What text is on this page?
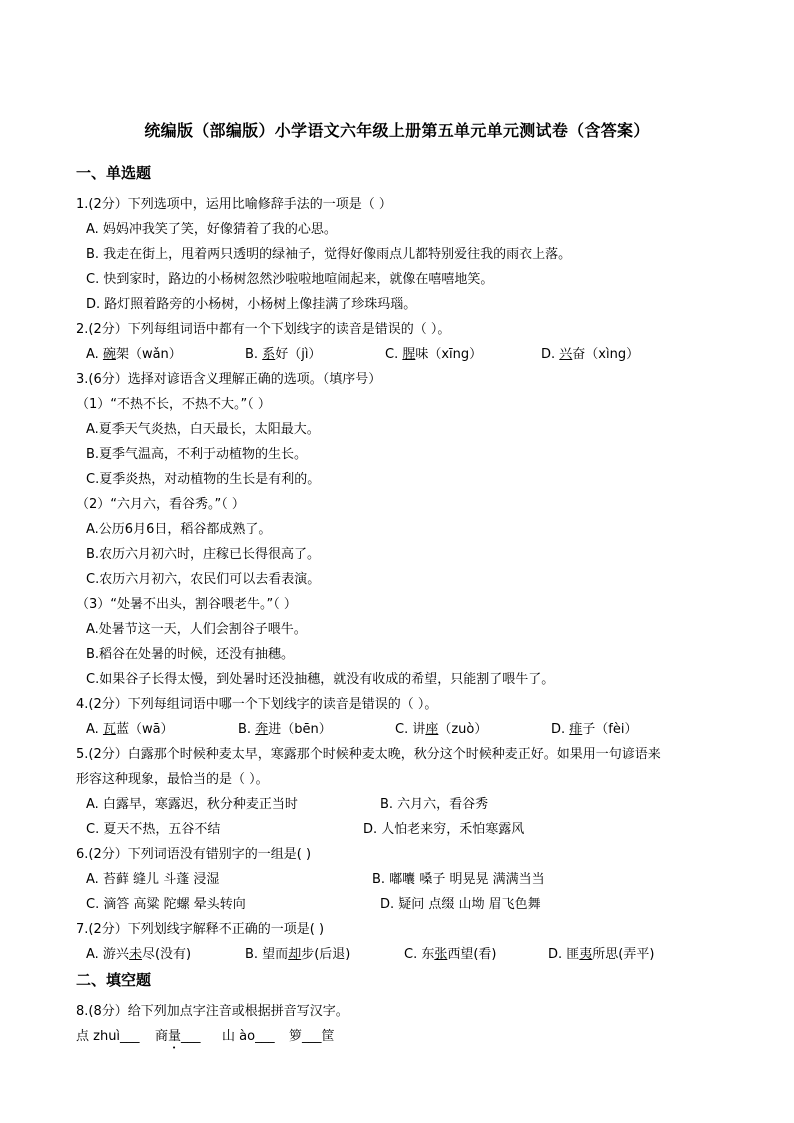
统编版（部编版）小学语文六年级上册第五单元单元测试卷（含答案）
一、单选题
1.(2分）下列选项中，运用比喻修辞手法的一项是（ ）
A. 妈妈冲我笑了笑，好像猜着了我的心思。
B. 我走在街上，甩着两只透明的绿袖子，觉得好像雨点儿都特别爱往我的雨衣上落。
C. 快到家时，路边的小杨树忽然沙啦啦地喧闹起来，就像在嘻嘻地笑。
D. 路灯照着路旁的小杨树，小杨树上像挂满了珍珠玛瑙。
2.(2分）下列每组词语中都有一个下划线字的读音是错误的（ ）。
A. 碗架（wǎn）	B. 系好（jì）	C. 腥味（xīng）	D. 兴奋（xìng）
3.(6分）选择对谚语含义理解正确的选项。（填序号）
（1）“不热不长，不热不大。”（ ）
A.夏季天气炎热，白天最长，太阳最大。
B.夏季气温高，不利于动植物的生长。
C.夏季炎热，对动植物的生长是有利的。
（2）“六月六，看谷秀。”（ ）
A.公历6月6日，稻谷都成熟了。
B.农历六月初六时，庄稼已长得很高了。
C.农历六月初六，农民们可以去看表演。
（3）“处暑不出头，割谷喂老牛。”（ ）
A.处暑节这一天，人们会割谷子喂牛。
B.稻谷在处暑的时候，还没有抽穗。
C.如果谷子长得太慢，到处暑时还没抽穗，就没有收成的希望，只能割了喂牛了。
4.(2分）下列每组词语中哪一个下划线字的读音是错误的（ ）。
A. 瓦蓝（wā）	B. 奔进（bēn）	C. 讲座（zuò）	D. 痱子（fèi）
5.(2分）白露那个时候种麦太早，寒露那个时候种麦太晚，秋分这个时候种麦正好。如果用一句谚语来
形容这种现象，最恰当的是（ ）。
A. 白露早，寒露迟，秋分种麦正当时	B. 六月六，看谷秀
C. 夏天不热，五谷不结	D. 人怕老来穷，禾怕寒露风
6.(2分）下列词语没有错别字的一组是( )
A. 苔藓 缝儿 斗蓬 浸湿	B. 嘟囔 嗓子 明晃晃 满满当当
C. 滴答 高粱 陀螺 晕头转向	D. 疑问 点缀 山坳 眉飞色舞
7.(2分）下列划线字解释不正确的一项是( )
A. 游兴未尽(没有)	B. 望而却步(后退)	C. 东张西望(看)	D. 匪夷所思(弄平)
二、填空题
8.(8分）给下列加点字注音或根据拼音写汉字。
点 zhuì___ 商量___ 山 ào___ 箩___筐
